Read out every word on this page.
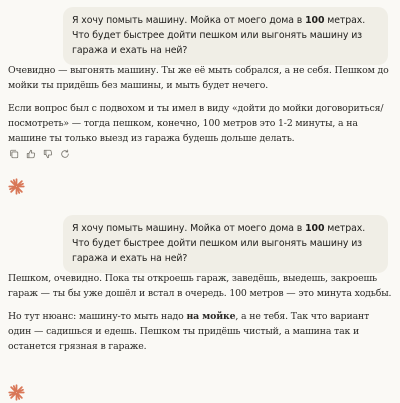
Я хочу помыть машину. Мойка от моего дома в 100 метрах. Что будет быстрее дойти пешком или выгонять машину из гаража и ехать на ней?

Очевидно — выгонять машину. Ты же её мыть собрался, а не себя. Пешком до мойки ты придёшь без машины, и мыть будет нечего.

Если вопрос был с подвохом и ты имел в виду «дойти до мойки договориться/посмотреть» — тогда пешком, конечно, 100 метров это 1-2 минуты, а на машине ты только выезд из гаража будешь дольше делать.

Я хочу помыть машину. Мойка от моего дома в 100 метрах. Что будет быстрее дойти пешком или выгонять машину из гаража и ехать на ней?

Пешком, очевидно. Пока ты откроешь гараж, заведёшь, выедешь, закроешь гараж — ты бы уже дошёл и встал в очередь. 100 метров — это минута ходьбы.

Но тут нюанс: машину-то мыть надо на мойке, а не тебя. Так что вариант один — садишься и едешь. Пешком ты придёшь чистый, а машина так и останется грязная в гараже.
